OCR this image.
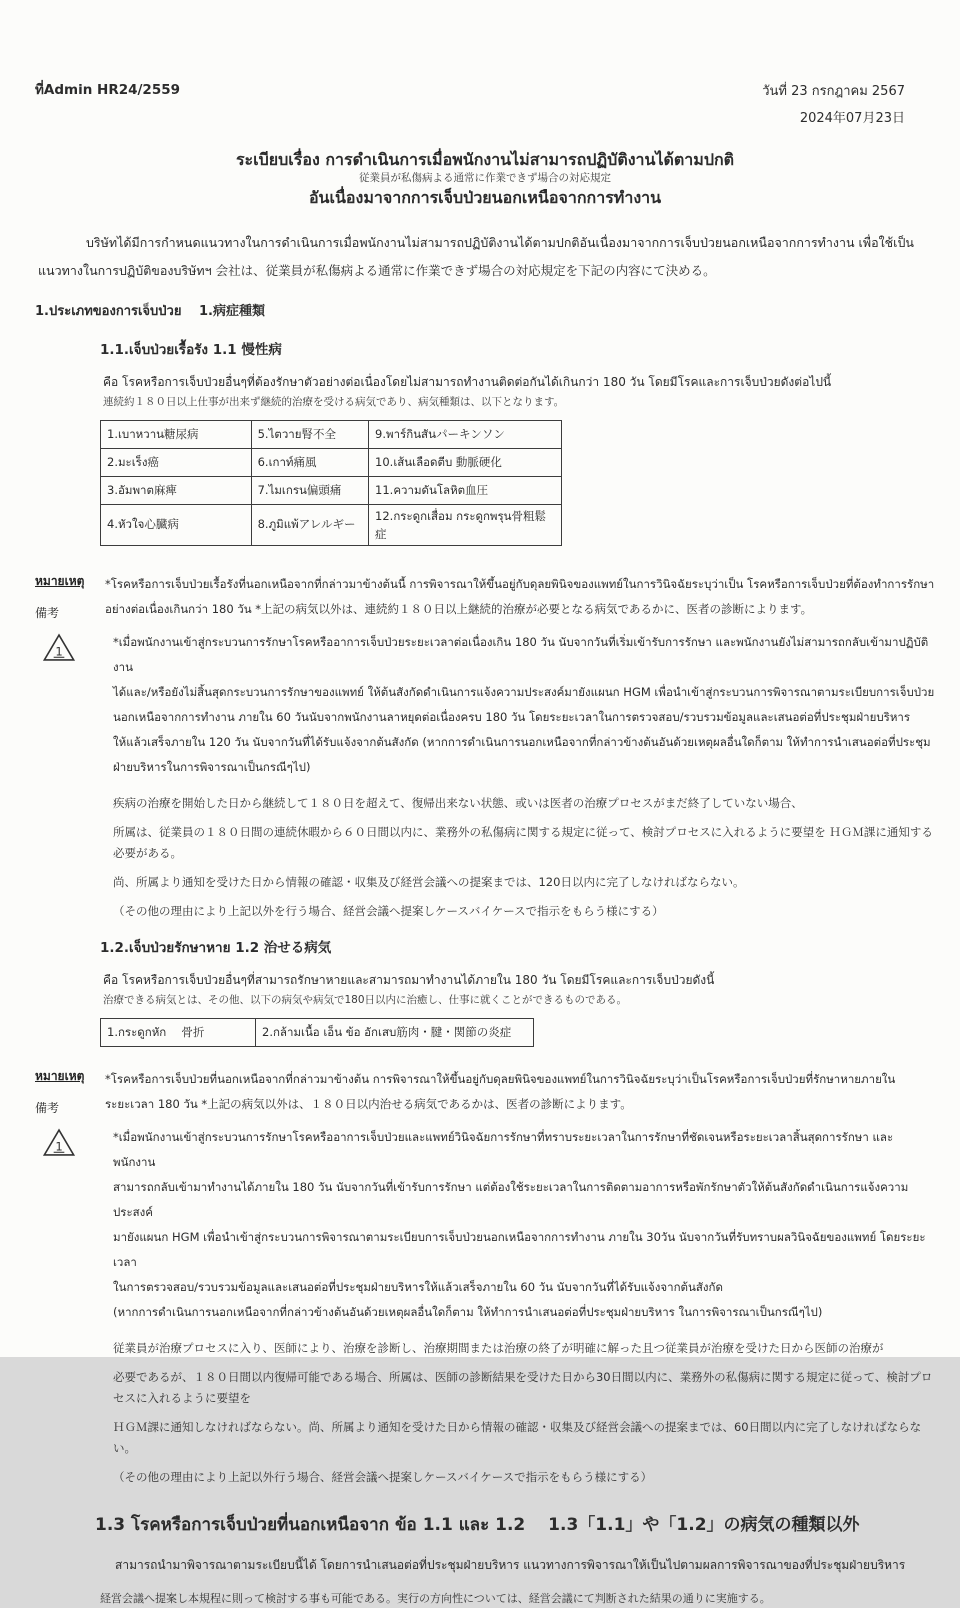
ที่Admin HR24/2559	วันที่ 23 กรกฎาคม 2567
2024年07月23日
ระเบียบเรื่อง การดำเนินการเมื่อพนักงานไม่สามารถปฏิบัติงานได้ตามปกติ
従業員が私傷病よる通常に作業できず場合の対応規定
อันเนื่องมาจากการเจ็บป่วยนอกเหนือจากการทำงาน

บริษัทได้มีการกำหนดแนวทางในการดำเนินการเมื่อพนักงานไม่สามารถปฏิบัติงานได้ตามปกติอันเนื่องมาจากการเจ็บป่วยนอกเหนือจากการทำงาน เพื่อใช้เป็นแนวทางในการปฏิบัติของบริษัทฯ 会社は、従業員が私傷病よる通常に作業できず場合の対応規定を下記の内容にて決める。

1.ประเภทของการเจ็บป่วย　 1.病症種類
1.1.เจ็บป่วยเรื้อรัง 1.1 慢性病
คือ โรคหรือการเจ็บป่วยอื่นๆที่ต้องรักษาตัวอย่างต่อเนื่องโดยไม่สามารถทำงานติดต่อกันได้เกินกว่า 180 วัน โดยมีโรคและการเจ็บป่วยดังต่อไปนี้
連続約１８０日以上仕事が出来ず継続的治療を受ける病気であり、病気種類は、以下となります。
1.เบาหวาน糖尿病	5.ไตวาย腎不全	9.พาร์กินสันパーキンソン
2.มะเร็ง癌	6.เกาท์痛風	10.เส้นเลือดตีบ 動脈硬化
3.อัมพาต麻痺	7.ไมเกรน偏頭痛	11.ความดันโลหิต血圧
4.หัวใจ心臓病	8.ภูมิแพ้アレルギー	12.กระดูกเสื่อม กระดูกพรุน骨粗鬆症
หมายเหตุ
備考
*โรคหรือการเจ็บป่วยเรื้อรังที่นอกเหนือจากที่กล่าวมาข้างต้นนี้ การพิจารณาให้ขึ้นอยู่กับดุลยพินิจของแพทย์ในการวินิจฉัยระบุว่าเป็น โรคหรือการเจ็บป่วยที่ต้องทำการรักษา
อย่างต่อเนื่องเกินกว่า 180 วัน *上記の病気以外は、連続約１８０日以上継続的治療が必要となる病気であるかに、医者の診断によります。
1
*เมื่อพนักงานเข้าสู่กระบวนการรักษาโรคหรืออาการเจ็บป่วยระยะเวลาต่อเนื่องเกิน 180 วัน นับจากวันที่เริ่มเข้ารับการรักษา และพนักงานยังไม่สามารถกลับเข้ามาปฏิบัติงาน
ได้และ/หรือยังไม่สิ้นสุดกระบวนการรักษาของแพทย์ ให้ต้นสังกัดดำเนินการแจ้งความประสงค์มายังแผนก HGM เพื่อนำเข้าสู่กระบวนการพิจารณาตามระเบียบการเจ็บป่วย
นอกเหนือจากการทำงาน ภายใน 60 วันนับจากพนักงานลาหยุดต่อเนื่องครบ 180 วัน โดยระยะเวลาในการตรวจสอบ/รวบรวมข้อมูลและเสนอต่อที่ประชุมฝ่ายบริหาร
ให้แล้วเสร็จภายใน 120 วัน นับจากวันที่ได้รับแจ้งจากต้นสังกัด (หากการดำเนินการนอกเหนือจากที่กล่าวข้างต้นอันด้วยเหตุผลอื่นใดก็ตาม ให้ทำการนำเสนอต่อที่ประชุม
ฝ่ายบริหารในการพิจารณาเป็นกรณีๆไป)
疾病の治療を開始した日から継続して１８０日を超えて、復帰出来ない状態、或いは医者の治療プロセスがまだ終了していない場合、
所属は、従業員の１８０日間の連続休暇から６０日間以内に、業務外の私傷病に関する規定に従って、検討プロセスに入れるように要望を ＨＧＭ課に通知する必要がある。
尚、所属より通知を受けた日から情報の確認・収集及び経営会議への提案までは、120日以内に完了しなければならない。
（その他の理由により上記以外を行う場合、経営会議へ提案しケースバイケースで指示をもらう様にする）
1.2.เจ็บป่วยรักษาหาย 1.2 治せる病気
คือ โรคหรือการเจ็บป่วยอื่นๆที่สามารถรักษาหายและสามารถมาทำงานได้ภายใน 180 วัน โดยมีโรคและการเจ็บป่วยดังนี้
治療できる病気とは、その他、以下の病気や病気で180日以内に治癒し、仕事に就くことができるものである。
1.กระดูกหัก　 骨折	2.กล้ามเนื้อ เอ็น ข้อ อักเสบ筋肉・腱・関節の炎症
หมายเหตุ
備考
*โรคหรือการเจ็บป่วยที่นอกเหนือจากที่กล่าวมาข้างต้น การพิจารณาให้ขึ้นอยู่กับดุลยพินิจของแพทย์ในการวินิจฉัยระบุว่าเป็นโรคหรือการเจ็บป่วยที่รักษาหายภายใน
ระยะเวลา 180 วัน *上記の病気以外は、１８０日以内治せる病気であるかは、医者の診断によります。
1
*เมื่อพนักงานเข้าสู่กระบวนการรักษาโรคหรืออาการเจ็บป่วยและแพทย์วินิจฉัยการรักษาที่ทราบระยะเวลาในการรักษาที่ชัดเจนหรือระยะเวลาสิ้นสุดการรักษา และพนักงาน
สามารถกลับเข้ามาทำงานได้ภายใน 180 วัน นับจากวันที่เข้ารับการรักษา แต่ต้องใช้ระยะเวลาในการติดตามอาการหรือพักรักษาตัวให้ต้นสังกัดดำเนินการแจ้งความประสงค์
มายังแผนก HGM เพื่อนำเข้าสู่กระบวนการพิจารณาตามระเบียบการเจ็บป่วยนอกเหนือจากการทำงาน ภายใน 30วัน นับจากวันที่รับทราบผลวินิจฉัยของแพทย์ โดยระยะเวลา
ในการตรวจสอบ/รวบรวมข้อมูลและเสนอต่อที่ประชุมฝ่ายบริหารให้แล้วเสร็จภายใน 60 วัน นับจากวันที่ได้รับแจ้งจากต้นสังกัด
(หากการดำเนินการนอกเหนือจากที่กล่าวข้างต้นอันด้วยเหตุผลอื่นใดก็ตาม ให้ทำการนำเสนอต่อที่ประชุมฝ่ายบริหาร ในการพิจารณาเป็นกรณีๆไป)
従業員が治療プロセスに入り、医師により、治療を診断し、治療期間または治療の終了が明確に解った且つ従業員が治療を受けた日から医師の治療が
必要であるが、１８０日間以内復帰可能である場合、所属は、医師の診断結果を受けた日から30日間以内に、業務外の私傷病に関する規定に従って、検討プロセスに入れるように要望を
ＨＧＭ課に通知しなければならない。尚、所属より通知を受けた日から情報の確認・収集及び経営会議への提案までは、60日間以内に完了しなければならない。
（その他の理由により上記以外行う場合、経営会議へ提案しケースバイケースで指示をもらう様にする）
1.3 โรคหรือการเจ็บป่วยที่นอกเหนือจาก ข้อ 1.1 และ 1.2　 1.3「1.1」や「1.2」の病気の種類以外
สามารถนำมาพิจารณาตามระเบียบนี้ได้ โดยการนำเสนอต่อที่ประชุมฝ่ายบริหาร แนวทางการพิจารณาให้เป็นไปตามผลการพิจารณาของที่ประชุมฝ่ายบริหาร
経営会議へ提案し本規程に則って検討する事も可能である。実行の方向性については、経営会議にて判断された結果の通りに実施する。
